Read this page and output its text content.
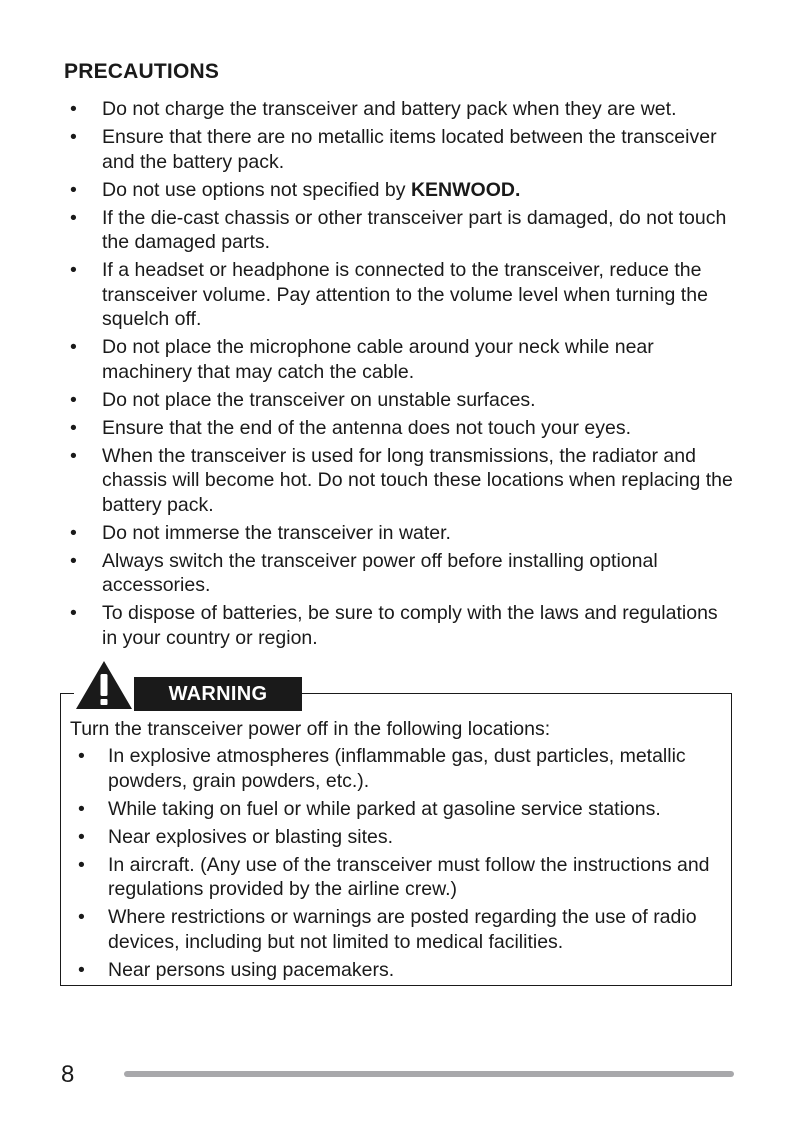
PRECAUTIONS
• Do not charge the transceiver and battery pack when they are wet.
• Ensure that there are no metallic items located between the transceiver and the battery pack.
• Do not use options not specified by KENWOOD.
• If the die-cast chassis or other transceiver part is damaged, do not touch the damaged parts.
• If a headset or headphone is connected to the transceiver, reduce the transceiver volume. Pay attention to the volume level when turning the squelch off.
• Do not place the microphone cable around your neck while near machinery that may catch the cable.
• Do not place the transceiver on unstable surfaces.
• Ensure that the end of the antenna does not touch your eyes.
• When the transceiver is used for long transmissions, the radiator and chassis will become hot. Do not touch these locations when replacing the battery pack.
• Do not immerse the transceiver in water.
• Always switch the transceiver power off before installing optional accessories.
• To dispose of batteries, be sure to comply with the laws and regulations in your country or region.
WARNING

Turn the transceiver power off in the following locations:

• In explosive atmospheres (inflammable gas, dust particles, metallic powders, grain powders, etc.).
• While taking on fuel or while parked at gasoline service stations.
• Near explosives or blasting sites.
• In aircraft. (Any use of the transceiver must follow the instructions and regulations provided by the airline crew.)
• Where restrictions or warnings are posted regarding the use of radio devices, including but not limited to medical facilities.
• Near persons using pacemakers.
8
